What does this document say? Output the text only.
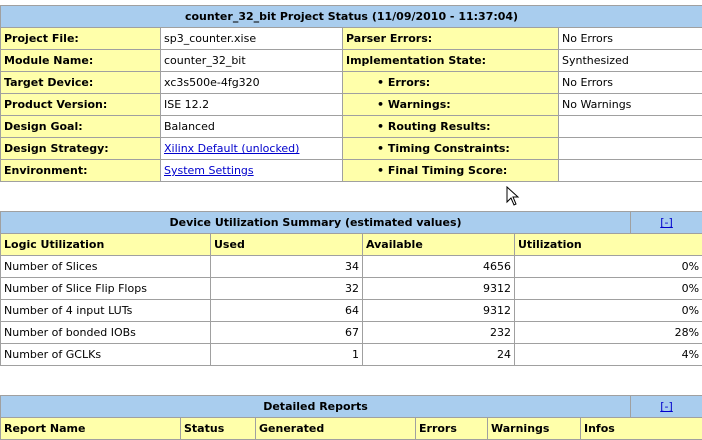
counter_32_bit Project Status (11/09/2010 - 11:37:04)			
Project File:	sp3_counter.xise	Parser Errors:	No Errors
Module Name:	counter_32_bit	Implementation State:	Synthesized
Target Device:	xc3s500e-4fg320	• Errors:	No Errors
Product Version:	ISE 12.2	• Warnings:	No Warnings
Design Goal:	Balanced	• Routing Results:	
Design Strategy:	Xilinx Default (unlocked)	• Timing Constraints:	
Environment:	System Settings	• Final Timing Score:	
Device Utilization Summary (estimated values)				[-]
Logic Utilization	Used	Available	Utilization	
Number of Slices	34	4656	0%	
Number of Slice Flip Flops	32	9312	0%	
Number of 4 input LUTs	64	9312	0%	
Number of bonded IOBs	67	232	28%	
Number of GCLKs	1	24	4%	
Detailed Reports						[-]
Report Name	Status	Generated	Errors	Warnings	Infos	
